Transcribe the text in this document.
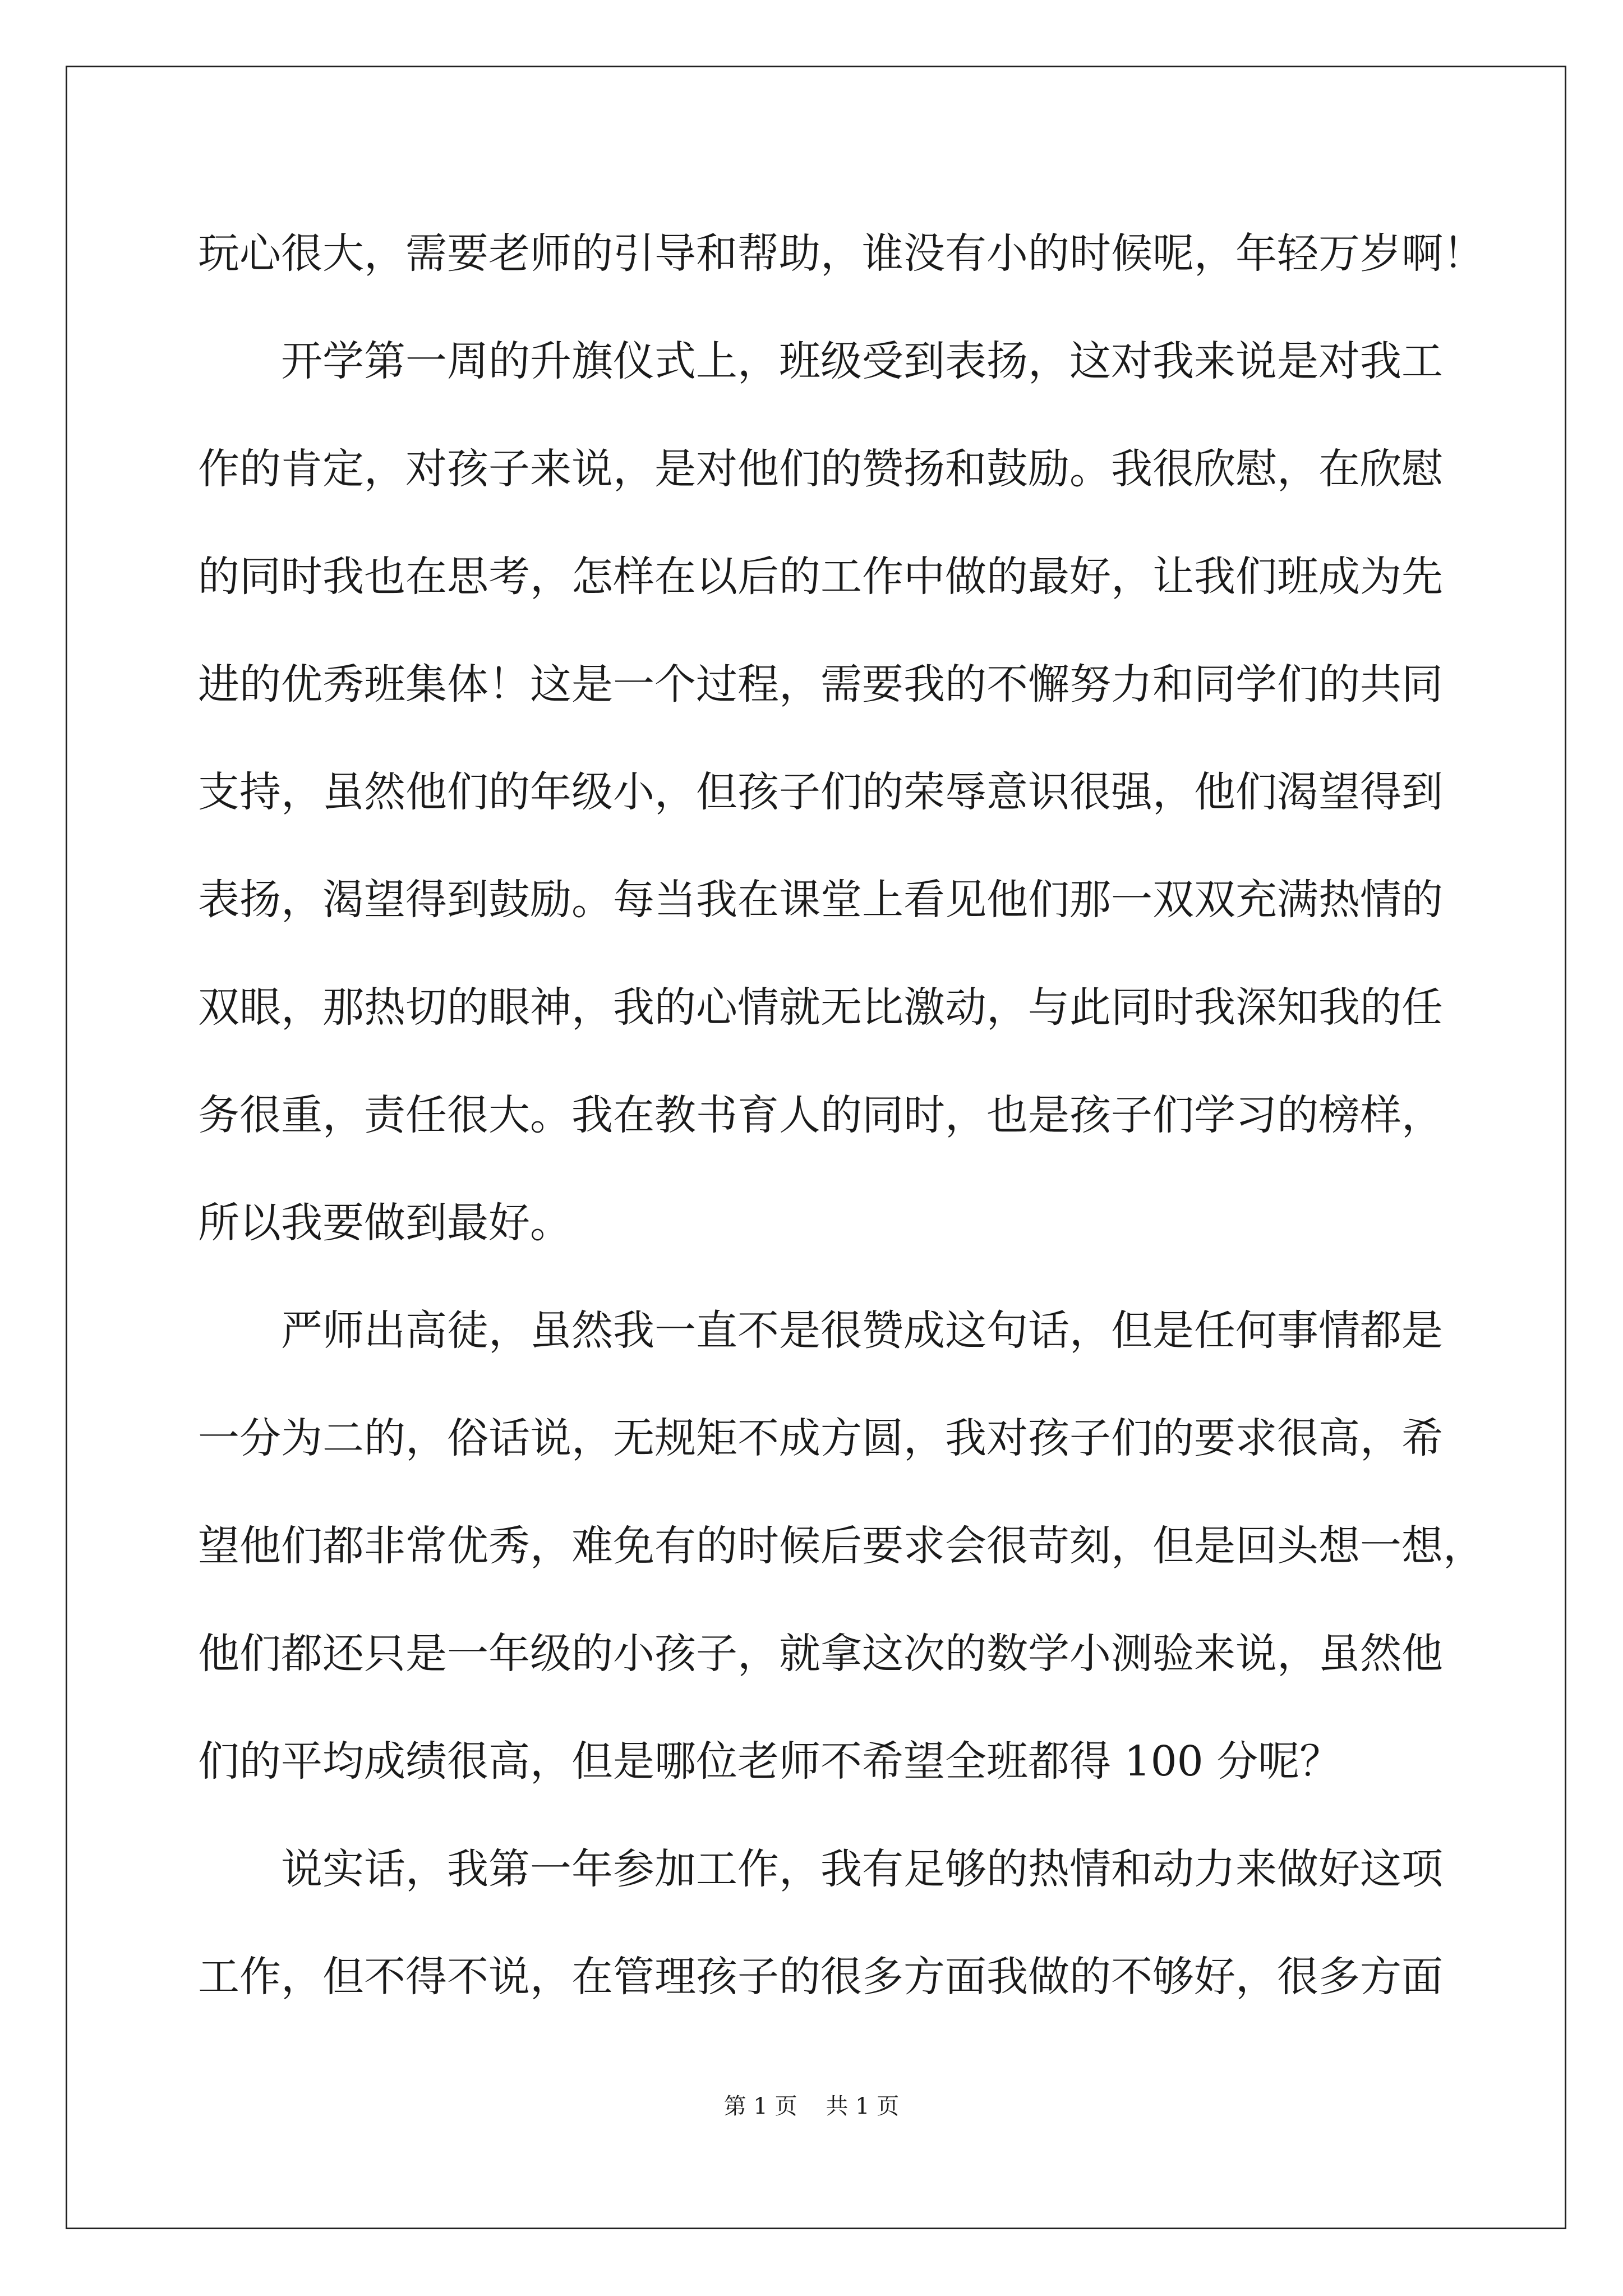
玩心很大，需要老师的引导和帮助，谁没有小的时候呢，年轻万岁啊！
开学第一周的升旗仪式上，班级受到表扬，这对我来说是对我工
作的肯定，对孩子来说，是对他们的赞扬和鼓励。我很欣慰，在欣慰
的同时我也在思考，怎样在以后的工作中做的最好，让我们班成为先
进的优秀班集体！这是一个过程，需要我的不懈努力和同学们的共同
支持，虽然他们的年级小，但孩子们的荣辱意识很强，他们渴望得到
表扬，渴望得到鼓励。每当我在课堂上看见他们那一双双充满热情的
双眼，那热切的眼神，我的心情就无比激动，与此同时我深知我的任
务很重，责任很大。我在教书育人的同时，也是孩子们学习的榜样，
所以我要做到最好。
严师出高徒，虽然我一直不是很赞成这句话，但是任何事情都是
一分为二的，俗话说，无规矩不成方圆，我对孩子们的要求很高，希
望他们都非常优秀，难免有的时候后要求会很苛刻，但是回头想一想，
他们都还只是一年级的小孩子，就拿这次的数学小测验来说，虽然他
们的平均成绩很高，但是哪位老师不希望全班都得 100 分呢？
说实话，我第一年参加工作，我有足够的热情和动力来做好这项
工作，但不得不说，在管理孩子的很多方面我做的不够好，很多方面
第 1 页    共 1 页
